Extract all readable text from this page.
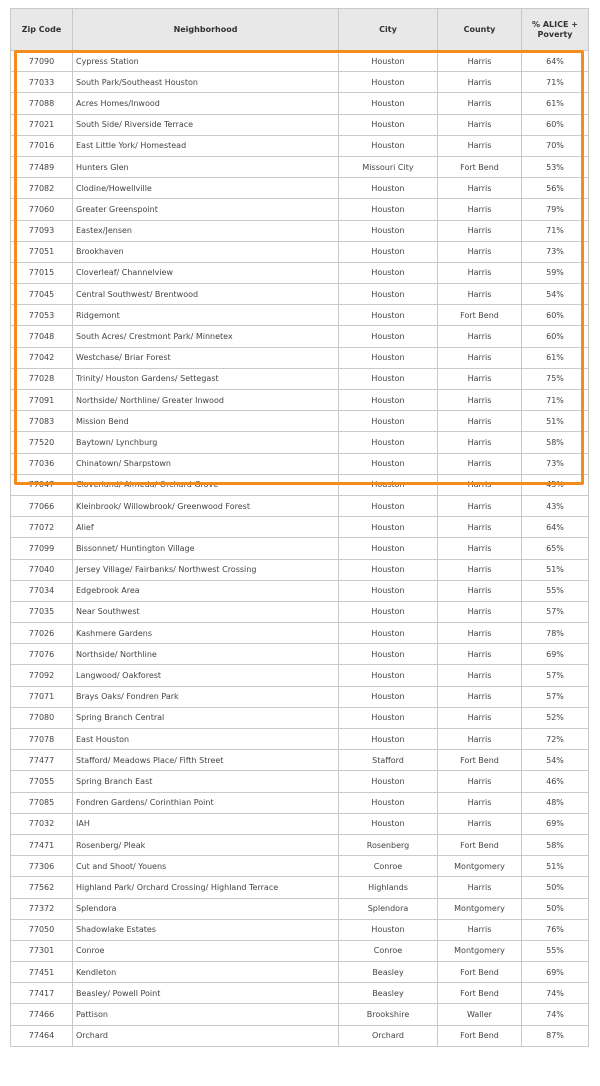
Zip Code	Neighborhood	City	County	% ALICE + Poverty
77090	Cypress Station	Houston	Harris	64%
77033	South Park/Southeast Houston	Houston	Harris	71%
77088	Acres Homes/Inwood	Houston	Harris	61%
77021	South Side/ Riverside Terrace	Houston	Harris	60%
77016	East Little York/ Homestead	Houston	Harris	70%
77489	Hunters Glen	Missouri City	Fort Bend	53%
77082	Clodine/Howellville	Houston	Harris	56%
77060	Greater Greenspoint	Houston	Harris	79%
77093	Eastex/Jensen	Houston	Harris	71%
77051	Brookhaven	Houston	Harris	73%
77015	Cloverleaf/ Channelview	Houston	Harris	59%
77045	Central Southwest/ Brentwood	Houston	Harris	54%
77053	Ridgemont	Houston	Fort Bend	60%
77048	South Acres/ Crestmont Park/ Minnetex	Houston	Harris	60%
77042	Westchase/ Briar Forest	Houston	Harris	61%
77028	Trinity/ Houston Gardens/ Settegast	Houston	Harris	75%
77091	Northside/ Northline/ Greater Inwood	Houston	Harris	71%
77083	Mission Bend	Houston	Harris	51%
77520	Baytown/ Lynchburg	Houston	Harris	58%
77036	Chinatown/ Sharpstown	Houston	Harris	73%
77047	Cloverland/ Almeda/ Orchard Grove	Houston	Harris	45%
77066	Kleinbrook/ Willowbrook/ Greenwood Forest	Houston	Harris	43%
77072	Alief	Houston	Harris	64%
77099	Bissonnet/ Huntington Village	Houston	Harris	65%
77040	Jersey Village/ Fairbanks/ Northwest Crossing	Houston	Harris	51%
77034	Edgebrook Area	Houston	Harris	55%
77035	Near Southwest	Houston	Harris	57%
77026	Kashmere Gardens	Houston	Harris	78%
77076	Northside/ Northline	Houston	Harris	69%
77092	Langwood/ Oakforest	Houston	Harris	57%
77071	Brays Oaks/ Fondren Park	Houston	Harris	57%
77080	Spring Branch Central	Houston	Harris	52%
77078	East Houston	Houston	Harris	72%
77477	Stafford/ Meadows Place/ Fifth Street	Stafford	Fort Bend	54%
77055	Spring Branch East	Houston	Harris	46%
77085	Fondren Gardens/ Corinthian Point	Houston	Harris	48%
77032	IAH	Houston	Harris	69%
77471	Rosenberg/ Pleak	Rosenberg	Fort Bend	58%
77306	Cut and Shoot/ Youens	Conroe	Montgomery	51%
77562	Highland Park/ Orchard Crossing/ Highland Terrace	Highlands	Harris	50%
77372	Splendora	Splendora	Montgomery	50%
77050	Shadowlake Estates	Houston	Harris	76%
77301	Conroe	Conroe	Montgomery	55%
77451	Kendleton	Beasley	Fort Bend	69%
77417	Beasley/ Powell Point	Beasley	Fort Bend	74%
77466	Pattison	Brookshire	Waller	74%
77464	Orchard	Orchard	Fort Bend	87%
